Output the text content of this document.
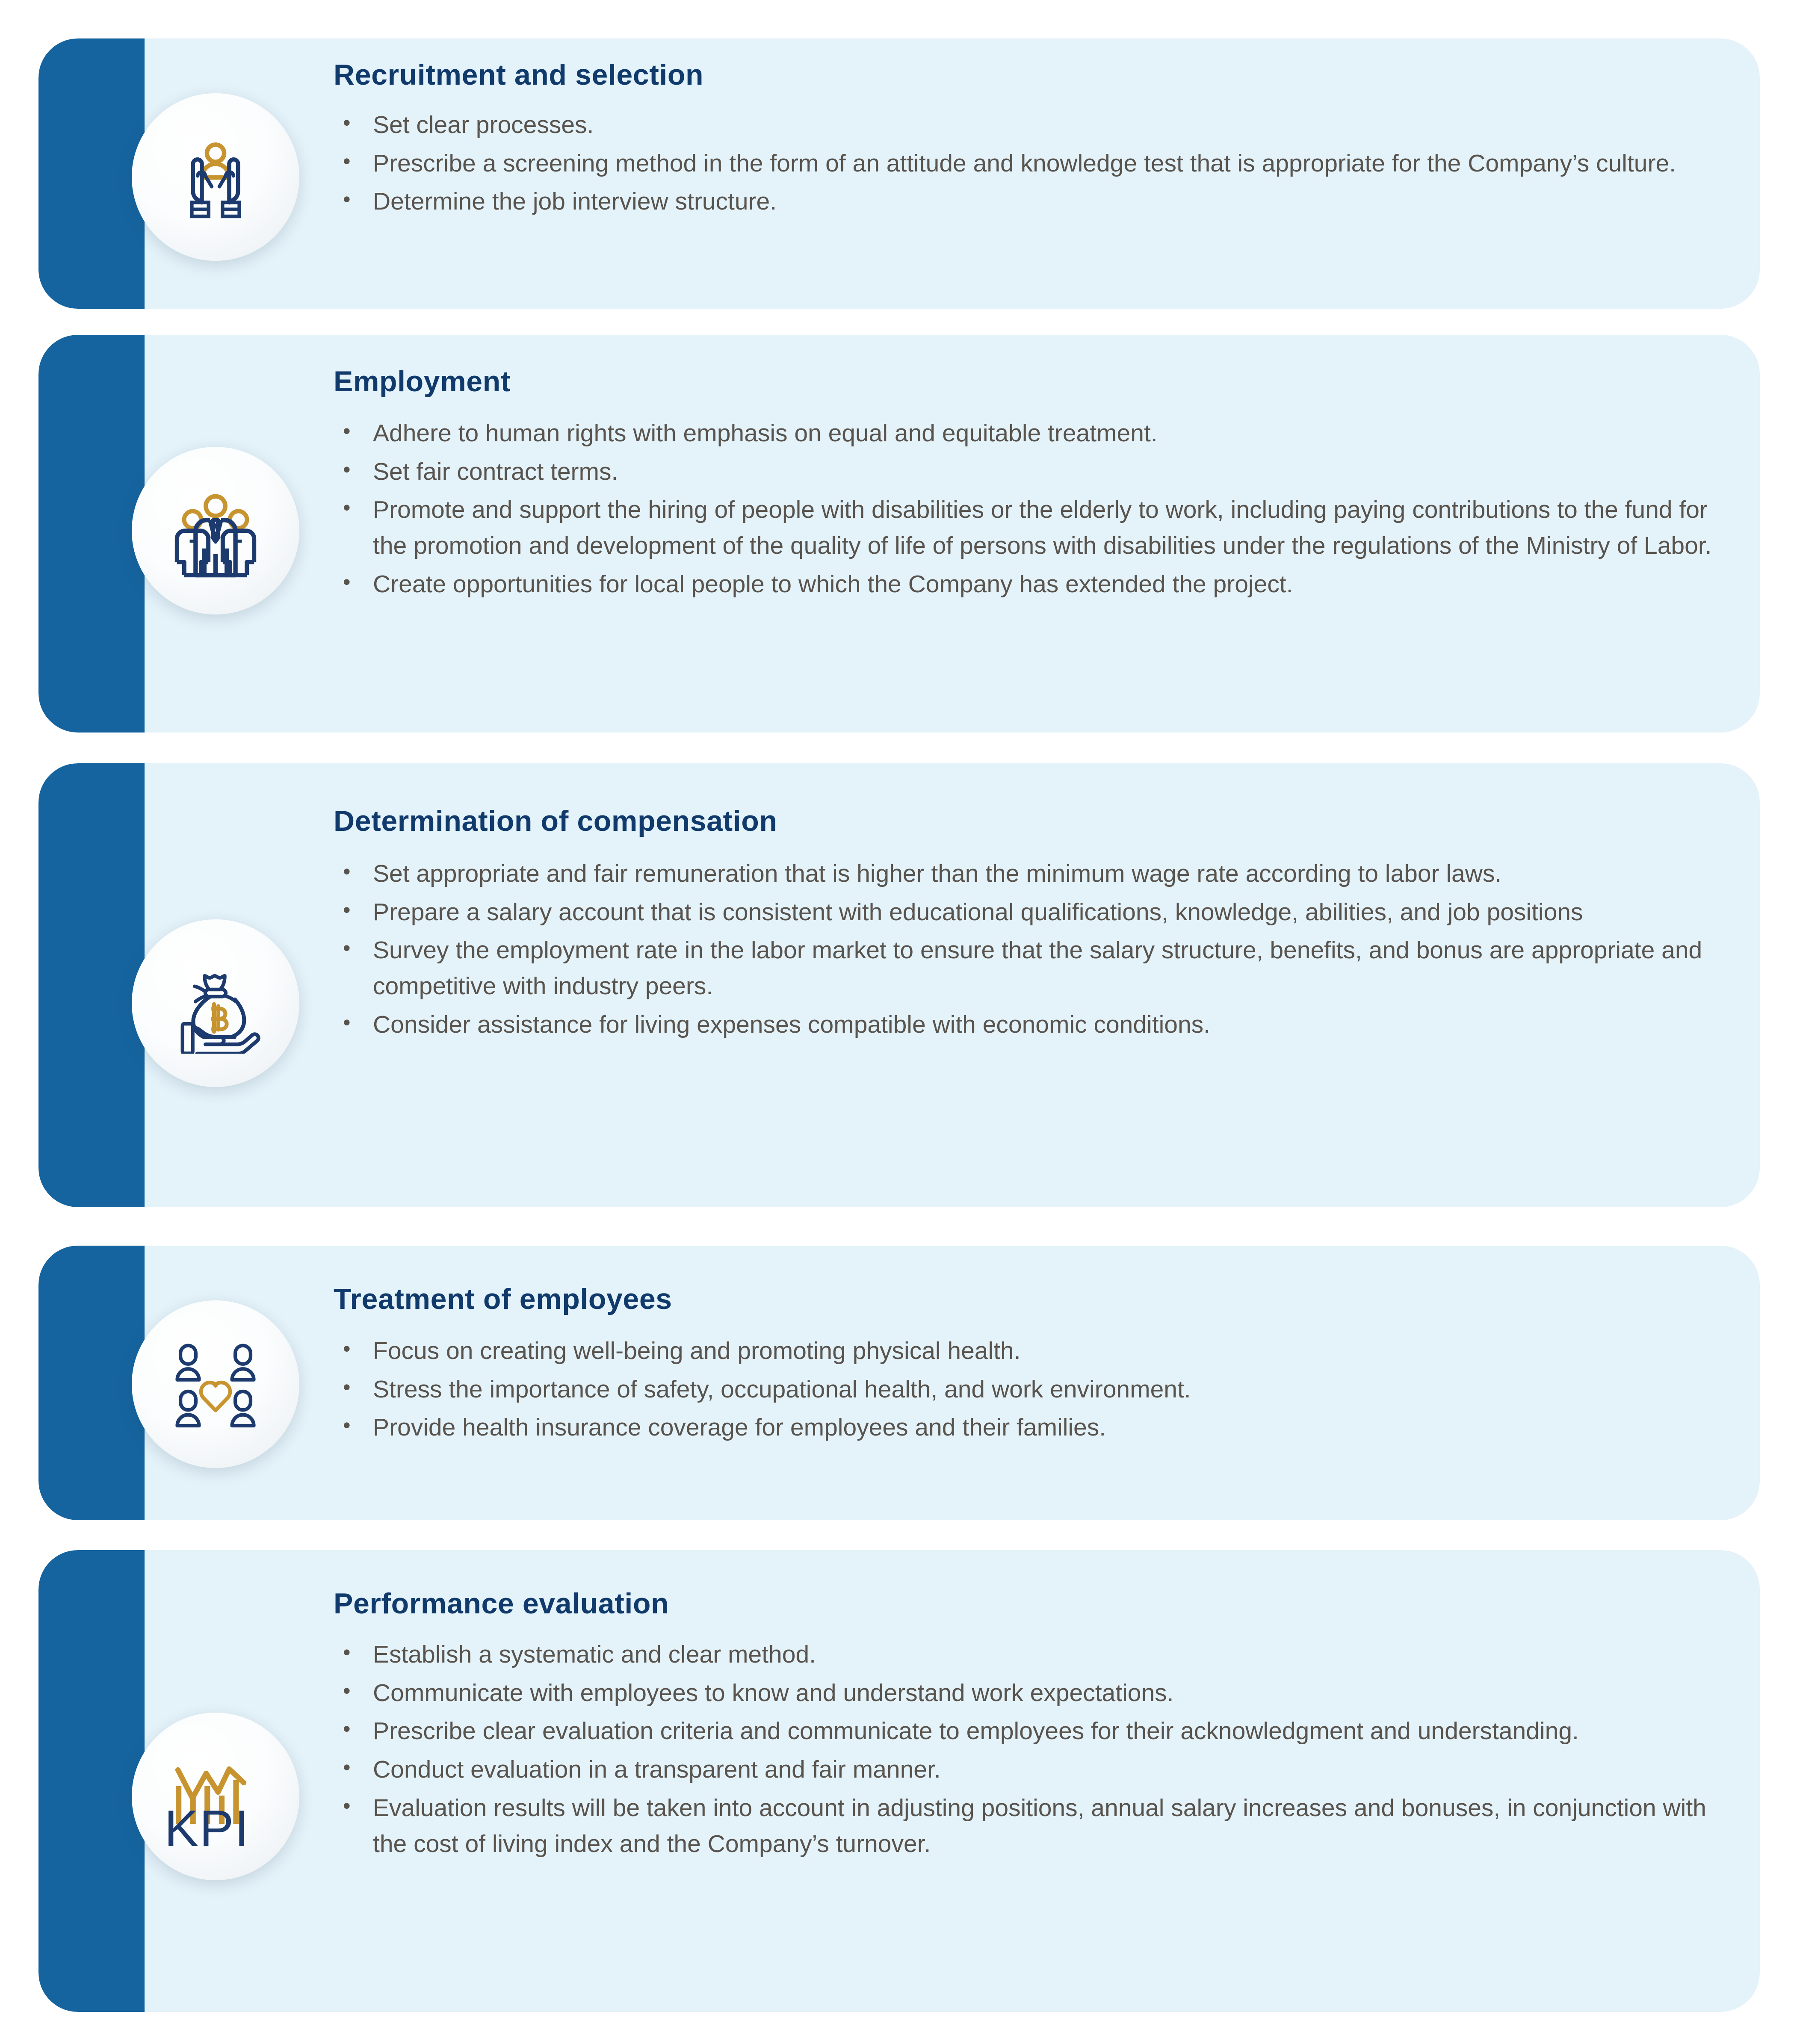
Recruitment and selection
• Set clear processes.
• Prescribe a screening method in the form of an attitude and knowledge test that is appropriate for the Company’s culture.
• Determine the job interview structure.
Employment
• Adhere to human rights with emphasis on equal and equitable treatment.
• Set fair contract terms.
• Promote and support the hiring of people with disabilities or the elderly to work, including paying contributions to the fund for the promotion and development of the quality of life of persons with disabilities under the regulations of the Ministry of Labor.
• Create opportunities for local people to which the Company has extended the project.
Determination of compensation
• Set appropriate and fair remuneration that is higher than the minimum wage rate according to labor laws.
• Prepare a salary account that is consistent with educational qualifications, knowledge, abilities, and job positions
• Survey the employment rate in the labor market to ensure that the salary structure, benefits, and bonus are appropriate and competitive with industry peers.
• Consider assistance for living expenses compatible with economic conditions.
Treatment of employees
• Focus on creating well-being and promoting physical health.
• Stress the importance of safety, occupational health, and work environment.
• Provide health insurance coverage for employees and their families.
KPI
Performance evaluation
• Establish a systematic and clear method.
• Communicate with employees to know and understand work expectations.
• Prescribe clear evaluation criteria and communicate to employees for their acknowledgment and understanding.
• Conduct evaluation in a transparent and fair manner.
• Evaluation results will be taken into account in adjusting positions, annual salary increases and bonuses, in conjunction with the cost of living index and the Company’s turnover.
